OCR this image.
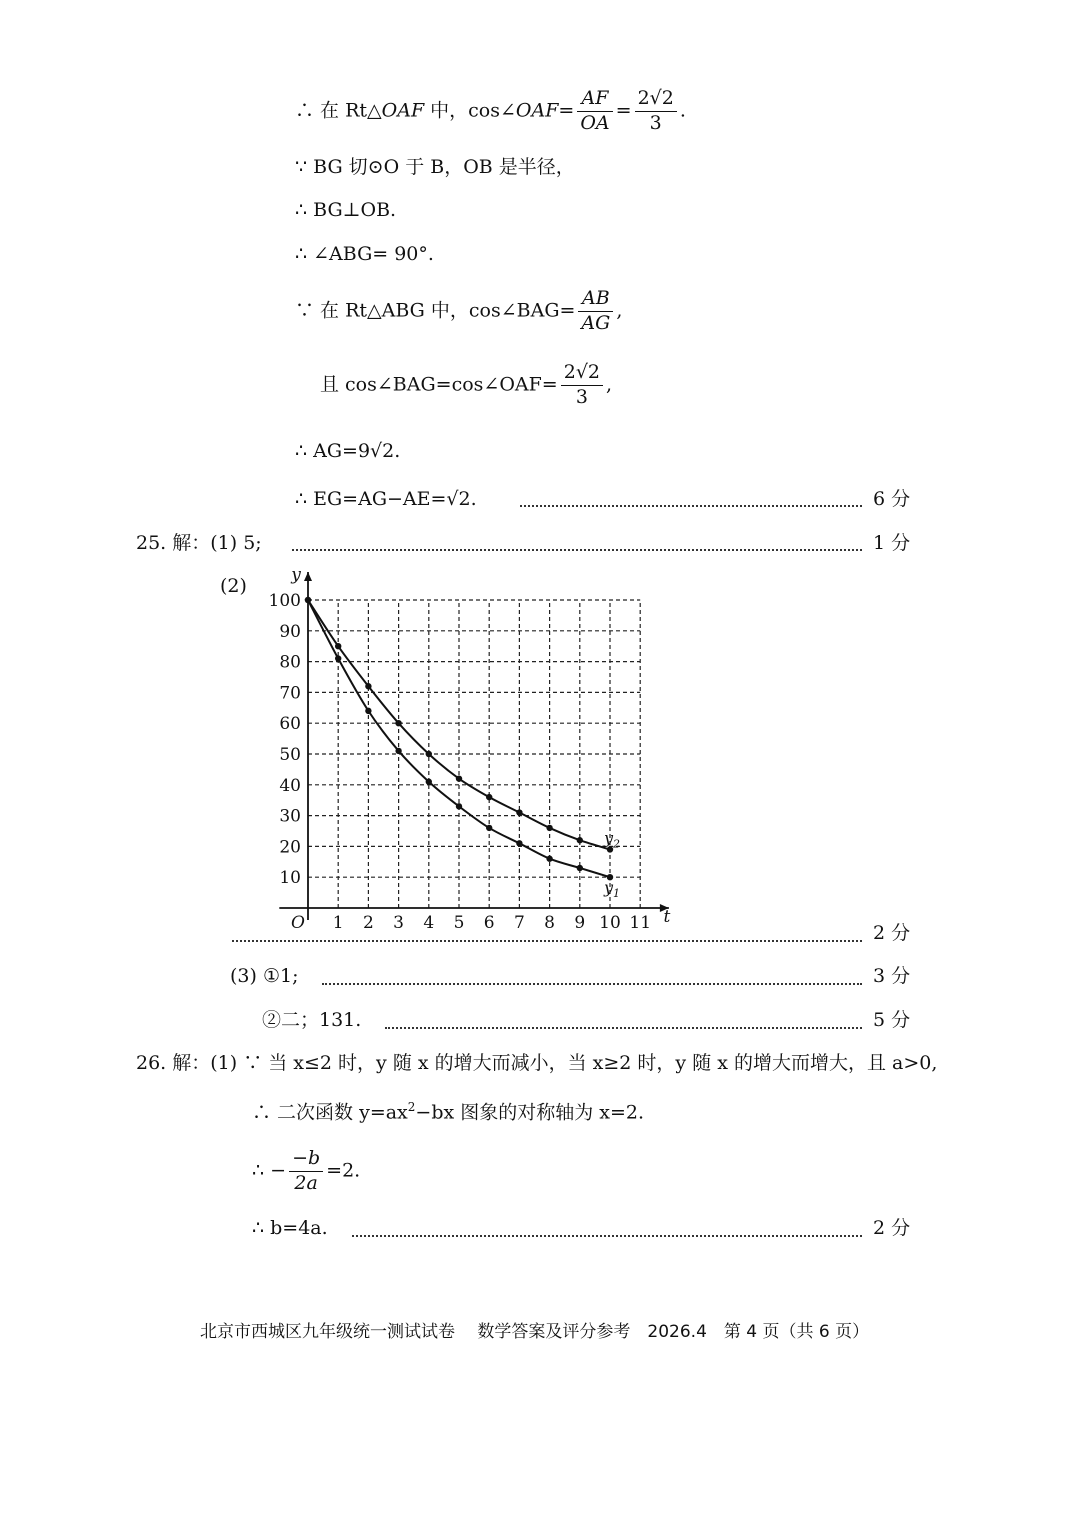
∴ 在 Rt△OAF 中，cos∠OAF= $\frac{AF}{OA} = \frac{2√2}{3}$ .
∵ BG 切⊙O 于 B，OB 是半径，
∴ BG⊥OB.
∴ ∠ABG= 90°.
∵ 在 Rt△ABG 中，cos∠BAG= $\frac{AB}{AG}$ ,
且 cos∠BAG=cos∠OAF= $\frac{2√2}{3}$ ,
∴ AG=9√2.
∴ EG=AG−AE=√2.	6 分
25. 解：(1) 5;	1 分
(2)
1 2 3 4 5 6 7 8 9 10 11
10
20
30
40
50
60
70
80
90
100
O	t
y
$y_2$
$y_1$
2 分
(3) ①1;	3 分
②二；131.	5 分
26. 解：(1) ∵ 当 x≤2 时，y 随 x 的增大而减小，当 x≥2 时，y 随 x 的增大而增大，且 a>0,
∴ 二次函数 $y=ax^2-bx$ 图象的对称轴为 x=2.
∴ − $\frac{-b}{2a} =2$.
∴ b=4a.	2 分
北京市西城区九年级统一测试试卷　 数学答案及评分参考　2026.4　第 4 页（共 6 页）
